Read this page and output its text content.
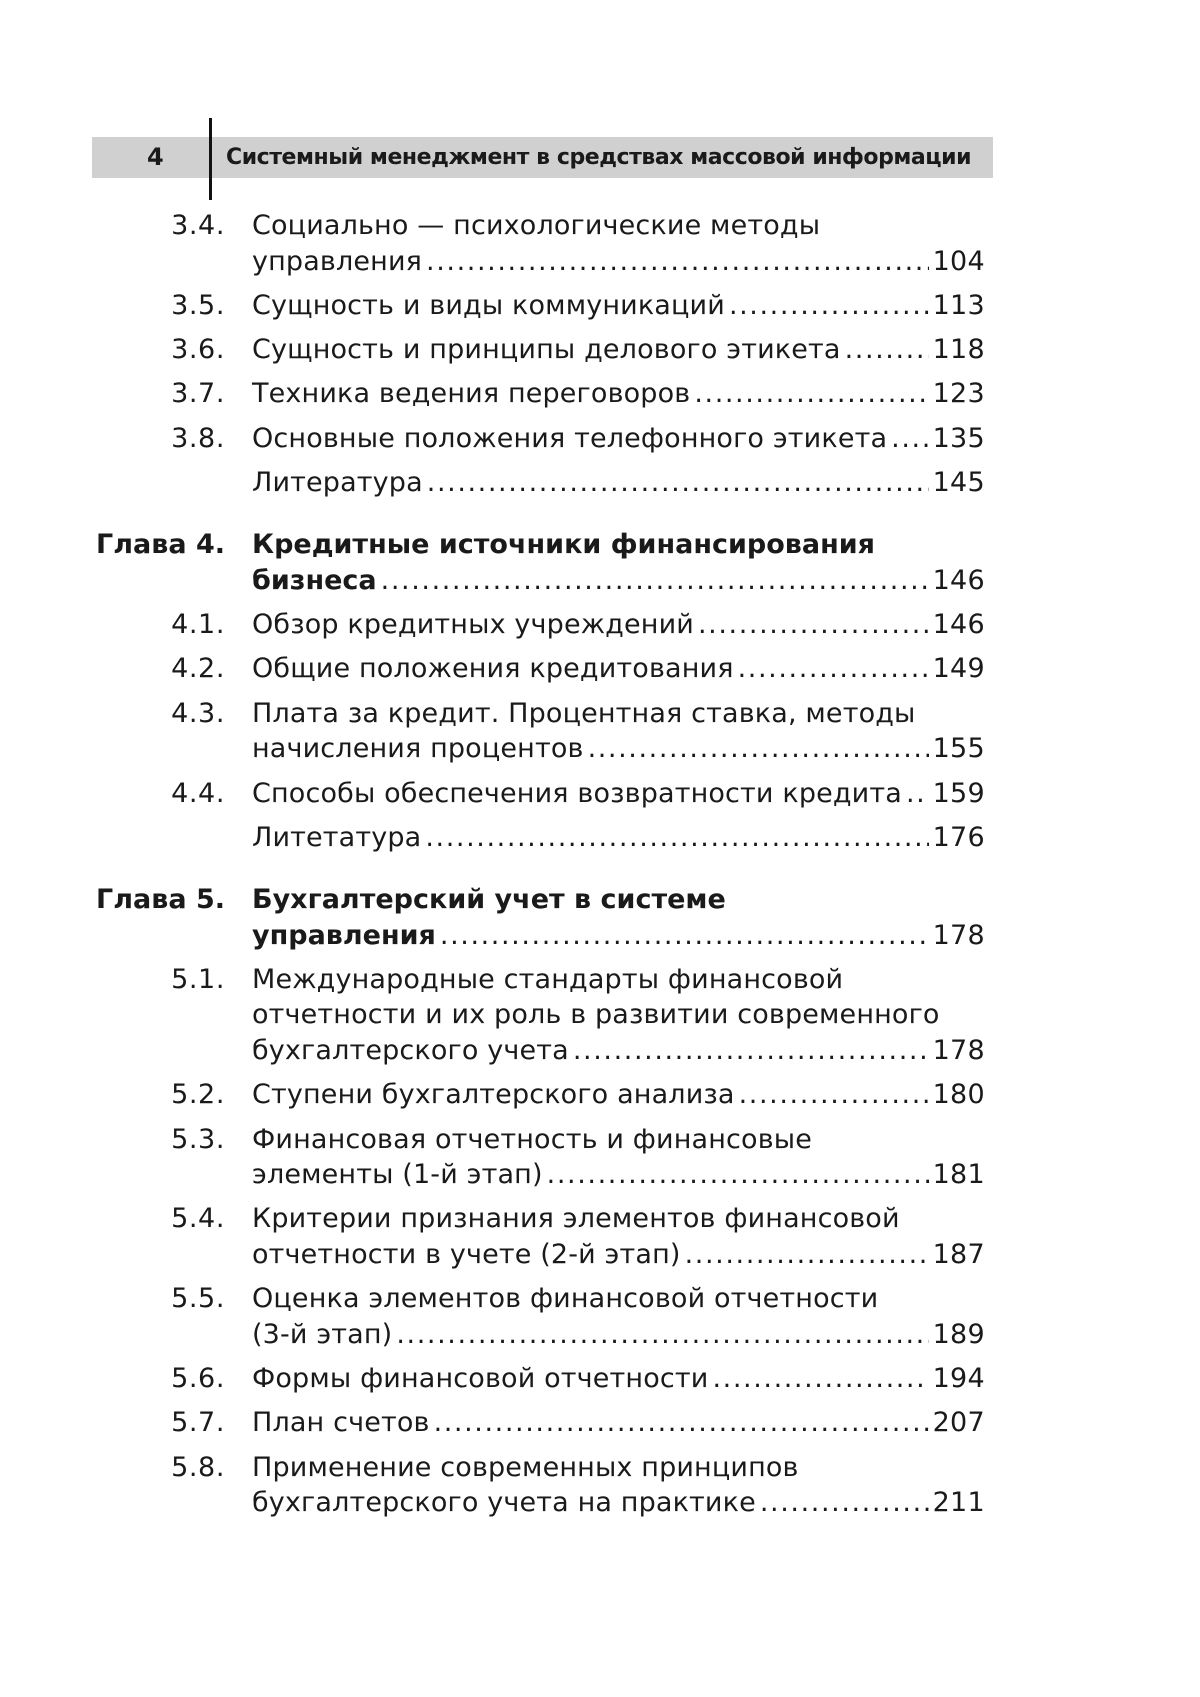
4	Системный менеджмент в средствах массовой информации
3.4. Социально — психологические методы
управления .....	104
3.5. Сущность и виды коммуникаций .....	113
3.6. Сущность и принципы делового этикета .....	118
3.7. Техника ведения переговоров .....	123
3.8. Основные положения телефонного этикета ..... 135
Литература .....	145
Глава 4. Кредитные источники финансирования
бизнеса .....	146
4.1. Обзор кредитных учреждений .....	146
4.2. Общие положения кредитования .....	149
4.3. Плата за кредит. Процентная ставка, методы
начисления процентов .....	155
4.4. Способы обеспечения возвратности кредита ..... 159
Литетатура .....	176
Глава 5. Бухгалтерский учет в системе
управления .....	178
5.1. Международные стандарты финансовой
отчетности и их роль в развитии современного
бухгалтерского учета .....	178
5.2. Ступени бухгалтерского анализа .....	180
5.3. Финансовая отчетность и финансовые
элементы (1-й этап) .....	181
5.4. Критерии признания элементов финансовой
отчетности в учете (2-й этап) .....	187
5.5. Оценка элементов финансовой отчетности
(3-й этап) .....	189
5.6. Формы финансовой отчетности .....	194
5.7. План счетов .....	207
5.8. Применение современных принципов
бухгалтерского учета на практике .....	211
